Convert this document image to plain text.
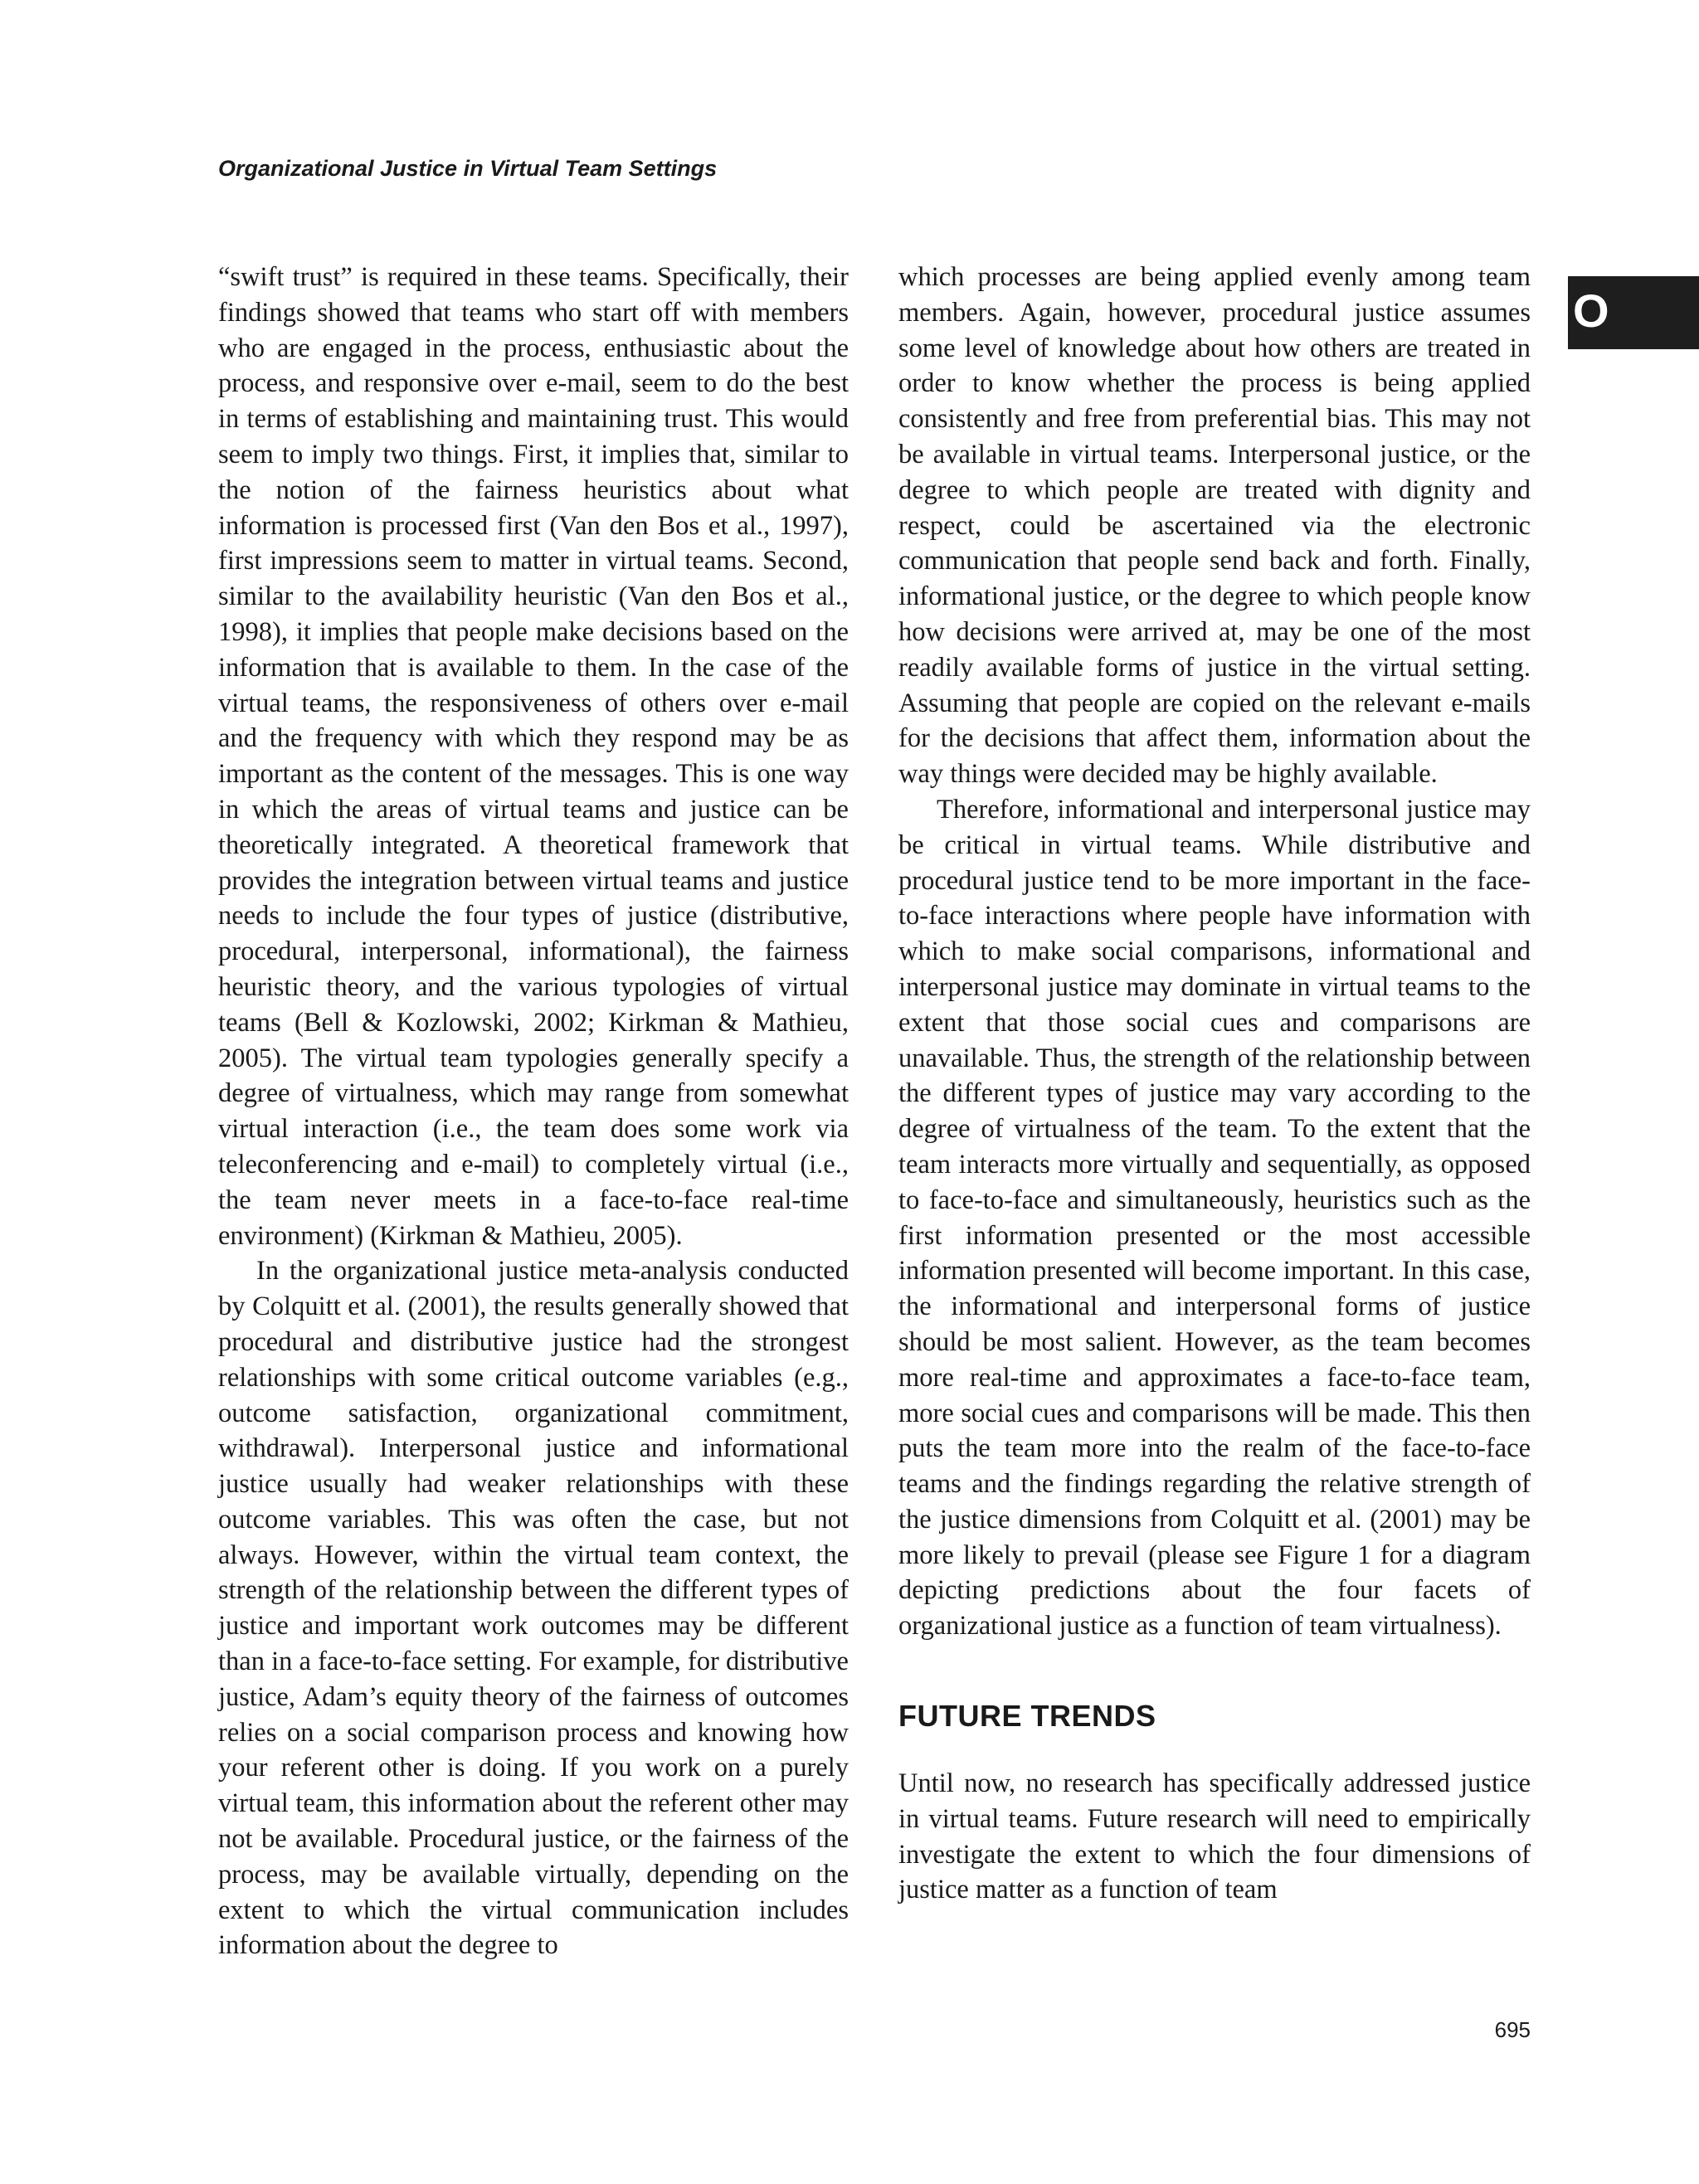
Organizational Justice in Virtual Team Settings
O

“swift trust” is required in these teams. Specifically, their findings showed that teams who start off with members who are engaged in the process, enthusiastic about the process, and responsive over e-mail, seem to do the best in terms of establishing and maintaining trust. This would seem to imply two things. First, it implies that, similar to the notion of the fairness heuristics about what information is processed first (Van den Bos et al., 1997), first impressions seem to matter in virtual teams. Second, similar to the availability heuristic (Van den Bos et al., 1998), it implies that people make decisions based on the information that is available to them. In the case of the virtual teams, the responsiveness of others over e-mail and the frequency with which they respond may be as important as the content of the messages. This is one way in which the areas of virtual teams and justice can be theoretically integrated. A theoretical framework that provides the integration between virtual teams and justice needs to include the four types of justice (distributive, procedural, interpersonal, informational), the fairness heuristic theory, and the various typologies of virtual teams (Bell & Kozlowski, 2002; Kirkman & Mathieu, 2005). The virtual team typologies generally specify a degree of virtualness, which may range from somewhat virtual interaction (i.e., the team does some work via teleconferencing and e-mail) to completely virtual (i.e., the team never meets in a face-to-face real-time environment) (Kirkman & Mathieu, 2005).

In the organizational justice meta-analysis conducted by Colquitt et al. (2001), the results generally showed that procedural and distributive justice had the strongest relationships with some critical outcome variables (e.g., outcome satisfaction, organizational commitment, withdrawal). Interpersonal justice and informational justice usually had weaker relationships with these outcome variables. This was often the case, but not always. However, within the virtual team context, the strength of the relationship between the different types of justice and important work outcomes may be different than in a face-to-face setting. For example, for distributive justice, Adam’s equity theory of the fairness of outcomes relies on a social comparison process and knowing how your referent other is doing. If you work on a purely virtual team, this information about the referent other may not be available. Procedural justice, or the fairness of the process, may be available virtually, depending on the extent to which the virtual communication includes information about the degree to

which processes are being applied evenly among team members. Again, however, procedural justice assumes some level of knowledge about how others are treated in order to know whether the process is being applied consistently and free from preferential bias. This may not be available in virtual teams. Interpersonal justice, or the degree to which people are treated with dignity and respect, could be ascertained via the electronic communication that people send back and forth. Finally, informational justice, or the degree to which people know how decisions were arrived at, may be one of the most readily available forms of justice in the virtual setting. Assuming that people are copied on the relevant e-mails for the decisions that affect them, information about the way things were decided may be highly available.

Therefore, informational and interpersonal justice may be critical in virtual teams. While distributive and procedural justice tend to be more important in the face-to-face interactions where people have information with which to make social comparisons, informational and interpersonal justice may dominate in virtual teams to the extent that those social cues and comparisons are unavailable. Thus, the strength of the relationship between the different types of justice may vary according to the degree of virtualness of the team. To the extent that the team interacts more virtually and sequentially, as opposed to face-to-face and simultaneously, heuristics such as the first information presented or the most accessible information presented will become important. In this case, the informational and interpersonal forms of justice should be most salient. However, as the team becomes more real-time and approximates a face-to-face team, more social cues and comparisons will be made. This then puts the team more into the realm of the face-to-face teams and the findings regarding the relative strength of the justice dimensions from Colquitt et al. (2001) may be more likely to prevail (please see Figure 1 for a diagram depicting predictions about the four facets of organizational justice as a function of team virtualness).

FUTURE TRENDS

Until now, no research has specifically addressed justice in virtual teams. Future research will need to empirically investigate the extent to which the four dimensions of justice matter as a function of team

695
